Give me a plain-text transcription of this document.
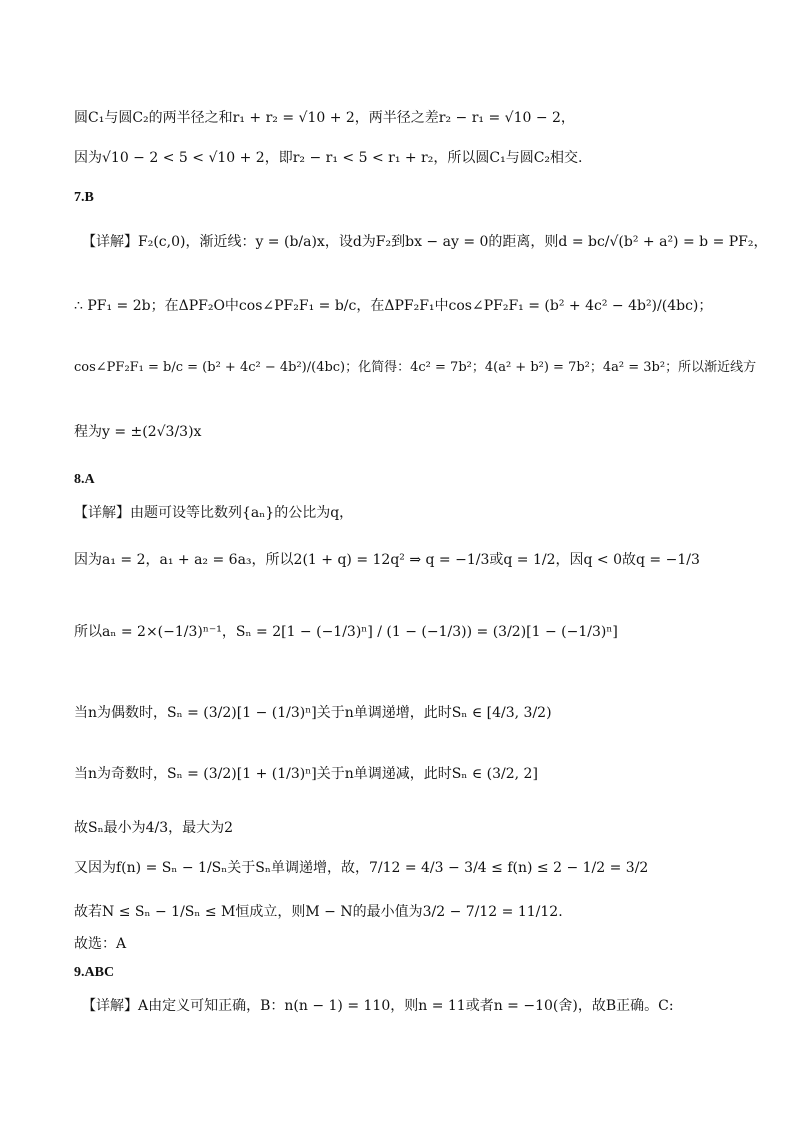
圆C₁与圆C₂的两半径之和r₁ + r₂ = √10 + 2，两半径之差r₂ − r₁ = √10 − 2，
因为√10 − 2 < 5 < √10 + 2，即r₂ − r₁ < 5 < r₁ + r₂，所以圆C₁与圆C₂相交.
7.B
【详解】F₂(c,0)，渐近线：y = (b/a)x，设d为F₂到bx − ay = 0的距离，则d = bc/√(b² + a²) = b = PF₂，
∴ PF₁ = 2b；在ΔPF₂O中cos∠PF₂F₁ = b/c，在ΔPF₂F₁中cos∠PF₂F₁ = (b² + 4c² − 4b²)/(4bc)；
cos∠PF₂F₁ = b/c = (b² + 4c² − 4b²)/(4bc)；化简得：4c² = 7b²；4(a² + b²) = 7b²；4a² = 3b²；所以渐近线方
程为y = ±(2√3/3)x
8.A
【详解】由题可设等比数列{aₙ}的公比为q，
因为a₁ = 2，a₁ + a₂ = 6a₃，所以2(1 + q) = 12q² ⇒ q = −1/3或q = 1/2，因q < 0故q = −1/3
所以aₙ = 2×(−1/3)ⁿ⁻¹，Sₙ = 2[1 − (−1/3)ⁿ] / (1 − (−1/3)) = (3/2)[1 − (−1/3)ⁿ]
当n为偶数时，Sₙ = (3/2)[1 − (1/3)ⁿ]关于n单调递增，此时Sₙ ∈ [4/3, 3/2)
当n为奇数时，Sₙ = (3/2)[1 + (1/3)ⁿ]关于n单调递减，此时Sₙ ∈ (3/2, 2]
故Sₙ最小为4/3，最大为2
又因为f(n) = Sₙ − 1/Sₙ关于Sₙ单调递增，故，7/12 = 4/3 − 3/4 ≤ f(n) ≤ 2 − 1/2 = 3/2
故若N ≤ Sₙ − 1/Sₙ ≤ M恒成立，则M − N的最小值为3/2 − 7/12 = 11/12.
故选：A
9.ABC
【详解】A由定义可知正确，B：n(n − 1) = 110，则n = 11或者n = −10(舍)，故B正确。C:
